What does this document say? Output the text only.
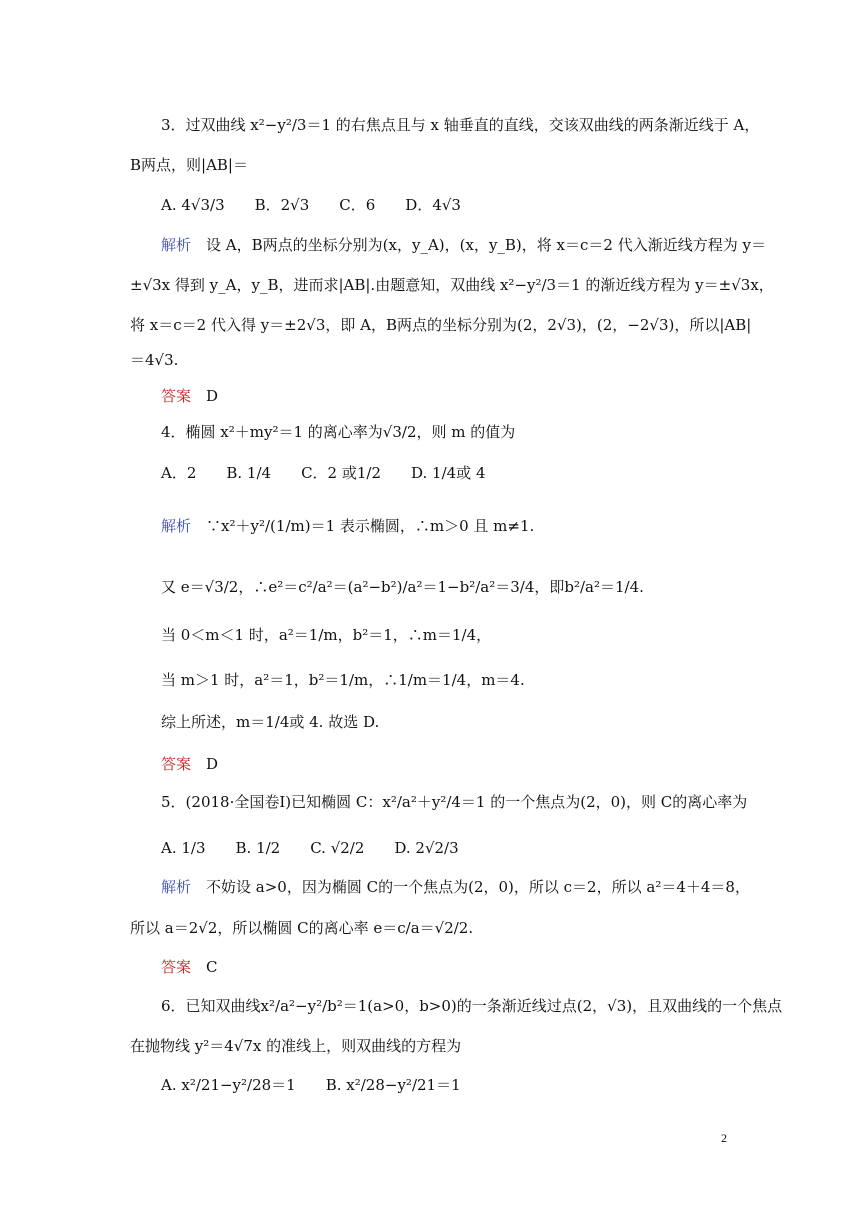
3．过双曲线 x²−y²/3＝1 的右焦点且与 x 轴垂直的直线，交该双曲线的两条渐近线于 A，
B两点，则|AB|＝
A. 4√3/3　　B．2√3　　C．6　　D．4√3
解析　 设 A，B两点的坐标分别为(x，y_A)，(x，y_B)，将 x＝c＝2 代入渐近线方程为 y＝
±√3x 得到 y_A，y_B，进而求|AB|.由题意知，双曲线 x²−y²/3＝1 的渐近线方程为 y＝±√3x，
将 x＝c＝2 代入得 y＝±2√3，即 A，B两点的坐标分别为(2，2√3)，(2，−2√3)，所以|AB|
＝4√3.
答案　 D
4．椭圆 x²＋my²＝1 的离心率为√3/2，则 m 的值为
A．2　　B. 1/4　　C．2 或1/2　　D. 1/4或 4
解析　 ∵x²＋y²/(1/m)＝1 表示椭圆，∴m＞0 且 m≠1.
又 e＝√3/2，∴e²＝c²/a²＝(a²−b²)/a²＝1−b²/a²＝3/4，即b²/a²＝1/4.
当 0＜m＜1 时，a²＝1/m，b²＝1，∴m＝1/4，
当 m＞1 时，a²＝1，b²＝1/m，∴1/m＝1/4，m＝4.
综上所述，m＝1/4或 4. 故选 D.
答案　 D
5．(2018·全国卷Ⅰ)已知椭圆 C：x²/a²＋y²/4＝1 的一个焦点为(2，0)，则 C的离心率为
A. 1/3　　B. 1/2　　C. √2/2　　D. 2√2/3
解析　 不妨设 a>0，因为椭圆 C的一个焦点为(2，0)，所以 c＝2，所以 a²＝4＋4＝8，
所以 a＝2√2，所以椭圆 C的离心率 e＝c/a＝√2/2.
答案　 C
6．已知双曲线x²/a²−y²/b²＝1(a>0，b>0)的一条渐近线过点(2，√3)，且双曲线的一个焦点
在抛物线 y²＝4√7x 的准线上，则双曲线的方程为
A. x²/21−y²/28＝1　　B. x²/28−y²/21＝1
2
